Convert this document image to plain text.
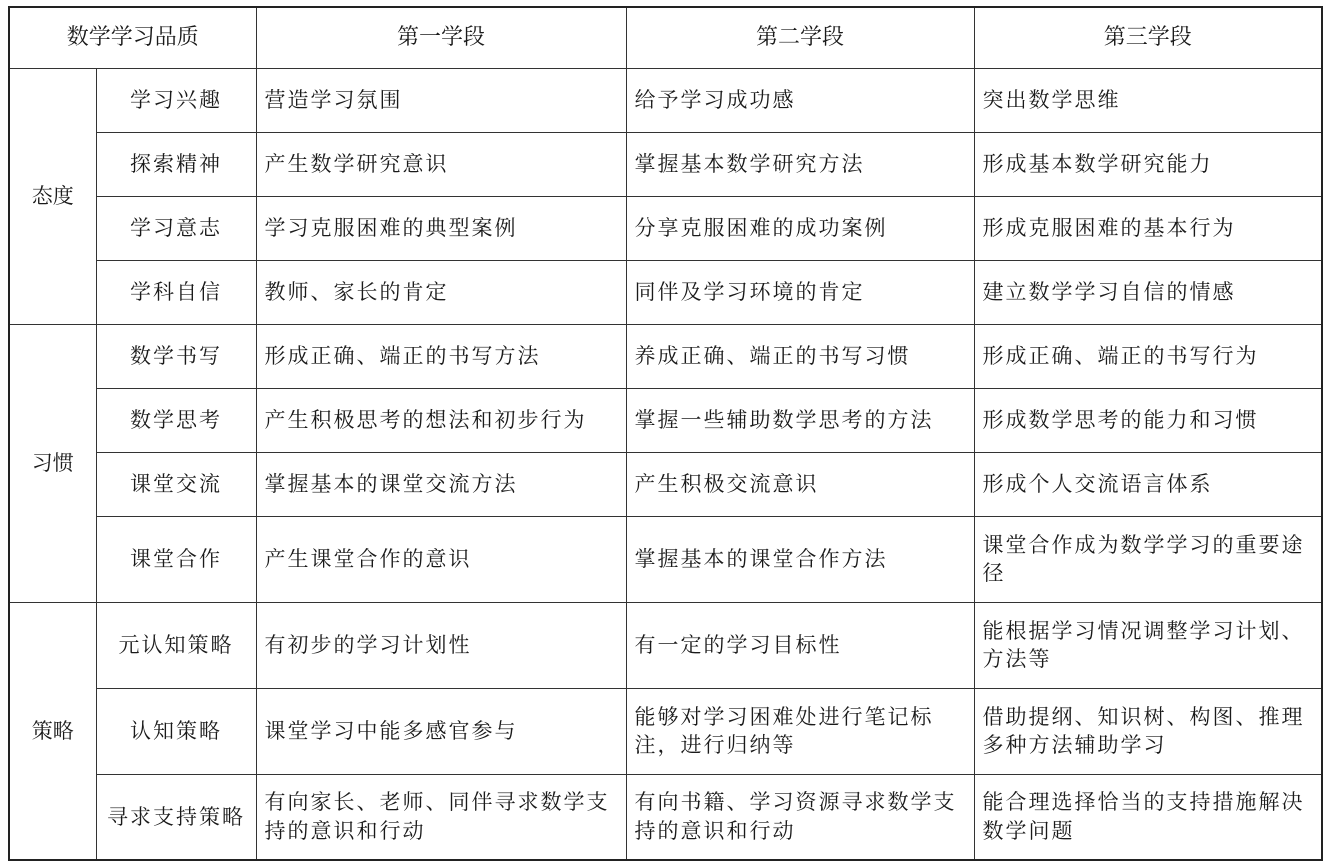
数学学习品质		第一学段	第二学段	第三学段
态度	学习兴趣	营造学习氛围	给予学习成功感	突出数学思维
	探索精神	产生数学研究意识	掌握基本数学研究方法	形成基本数学研究能力
	学习意志	学习克服困难的典型案例	分享克服困难的成功案例	形成克服困难的基本行为
	学科自信	教师、家长的肯定	同伴及学习环境的肯定	建立数学学习自信的情感
习惯	数学书写	形成正确、端正的书写方法	养成正确、端正的书写习惯	形成正确、端正的书写行为
	数学思考	产生积极思考的想法和初步行为	掌握一些辅助数学思考的方法	形成数学思考的能力和习惯
	课堂交流	掌握基本的课堂交流方法	产生积极交流意识	形成个人交流语言体系
	课堂合作	产生课堂合作的意识	掌握基本的课堂合作方法	课堂合作成为数学学习的重要途径
策略	元认知策略	有初步的学习计划性	有一定的学习目标性	能根据学习情况调整学习计划、方法等
	认知策略	课堂学习中能多感官参与	能够对学习困难处进行笔记标注，进行归纳等	借助提纲、知识树、构图、推理多种方法辅助学习
	寻求支持策略	有向家长、老师、同伴寻求数学支持的意识和行动	有向书籍、学习资源寻求数学支持的意识和行动	能合理选择恰当的支持措施解决数学问题
